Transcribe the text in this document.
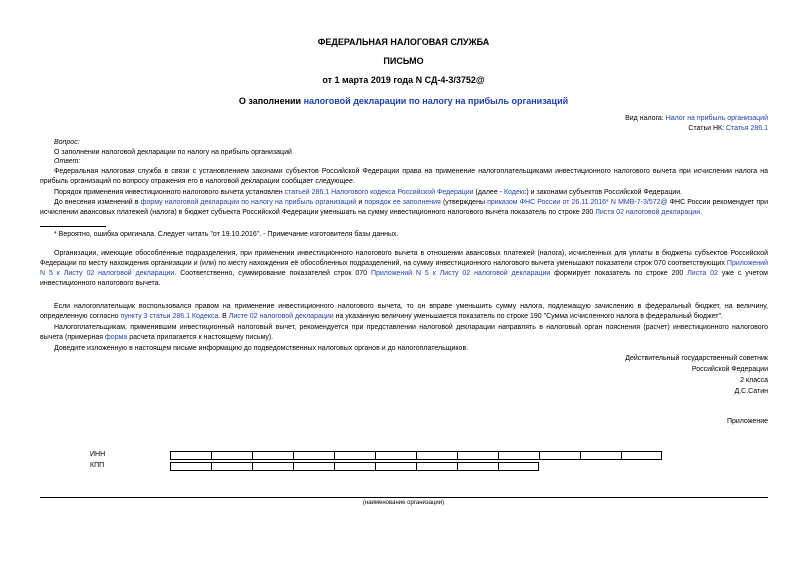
ФЕДЕРАЛЬНАЯ НАЛОГОВАЯ СЛУЖБА
ПИСЬМО
от 1 марта 2019 года N СД-4-3/3752@
О заполнении налоговой декларации по налогу на прибыль организаций
Вид налога: Налог на прибыль организаций
Статьи НК: Статья 286.1
Вопрос:
О заполнении налоговой декларации по налогу на прибыль организаций
Ответ:
Федеральная налоговая служба в связи с установлением законами субъектов Российской Федерации права на применение налогоплательщиками инвестиционного налогового вычета при исчислении налога на прибыль организаций по вопросу отражения его в налоговой декларации сообщает следующее.
Порядок применения инвестиционного налогового вычета установлен статьей 286.1 Налогового кодекса Российской Федерации (далее - Кодекс) и законами субъектов Российской Федерации.
До внесения изменений в форму налоговой декларации по налогу на прибыль организаций и порядок ее заполнения (утверждены приказом ФНС России от 26.11.2016* N ММВ-7-3/572@ ФНС России рекомендует при исчислении авансовых платежей (налога) в бюджет субъекта Российской Федерации уменьшать на сумму инвестиционного налогового вычета показатель по строке 200 Листа 02 налоговой декларации.
* Вероятно, ошибка оригинала. Следует читать "от 19.10.2016". - Примечание изготовителя базы данных.
Организации, имеющие обособленные подразделения, при применении инвестиционного налогового вычета в отношении авансовых платежей (налога), исчисленных для уплаты в бюджеты субъектов Российской Федерации по месту нахождения организации и (или) по месту нахождения её обособленных подразделений, на сумму инвестиционного налогового вычета уменьшают показатели строк 070 соответствующих Приложений N 5 к Листу 02 налоговой декларации. Соответственно, суммирование показателей строк 070 Приложений N 5 к Листу 02 налоговой декларации формирует показатель по строке 200 Листа 02 уже с учетом инвестиционного налогового вычета.
Если налогоплательщик воспользовался правом на применение инвестиционного налогового вычета, то он вправе уменьшить сумму налога, подлежащую зачислению в федеральный бюджет, на величину, определенную согласно пункту 3 статьи 286.1 Кодекса. В Листе 02 налоговой декларации на указанную величину уменьшается показатель по строке 190 "Сумма исчисленного налога в федеральный бюджет".
Налогоплательщикам, применившим инвестиционный налоговый вычет, рекомендуется при представлении налоговой декларации направлять в налоговый орган пояснения (расчет) инвестиционного налогового вычета (примерная форма расчета прилагается к настоящему письму).
Доведите изложенную в настоящем письме информацию до подведомственных налоговых органов и до налогоплательщиков.
Действительный государственный советник
Российской Федерации
2 класса
Д.С.Сатин
Приложение
ИНН
КПП
(наименование организации)
